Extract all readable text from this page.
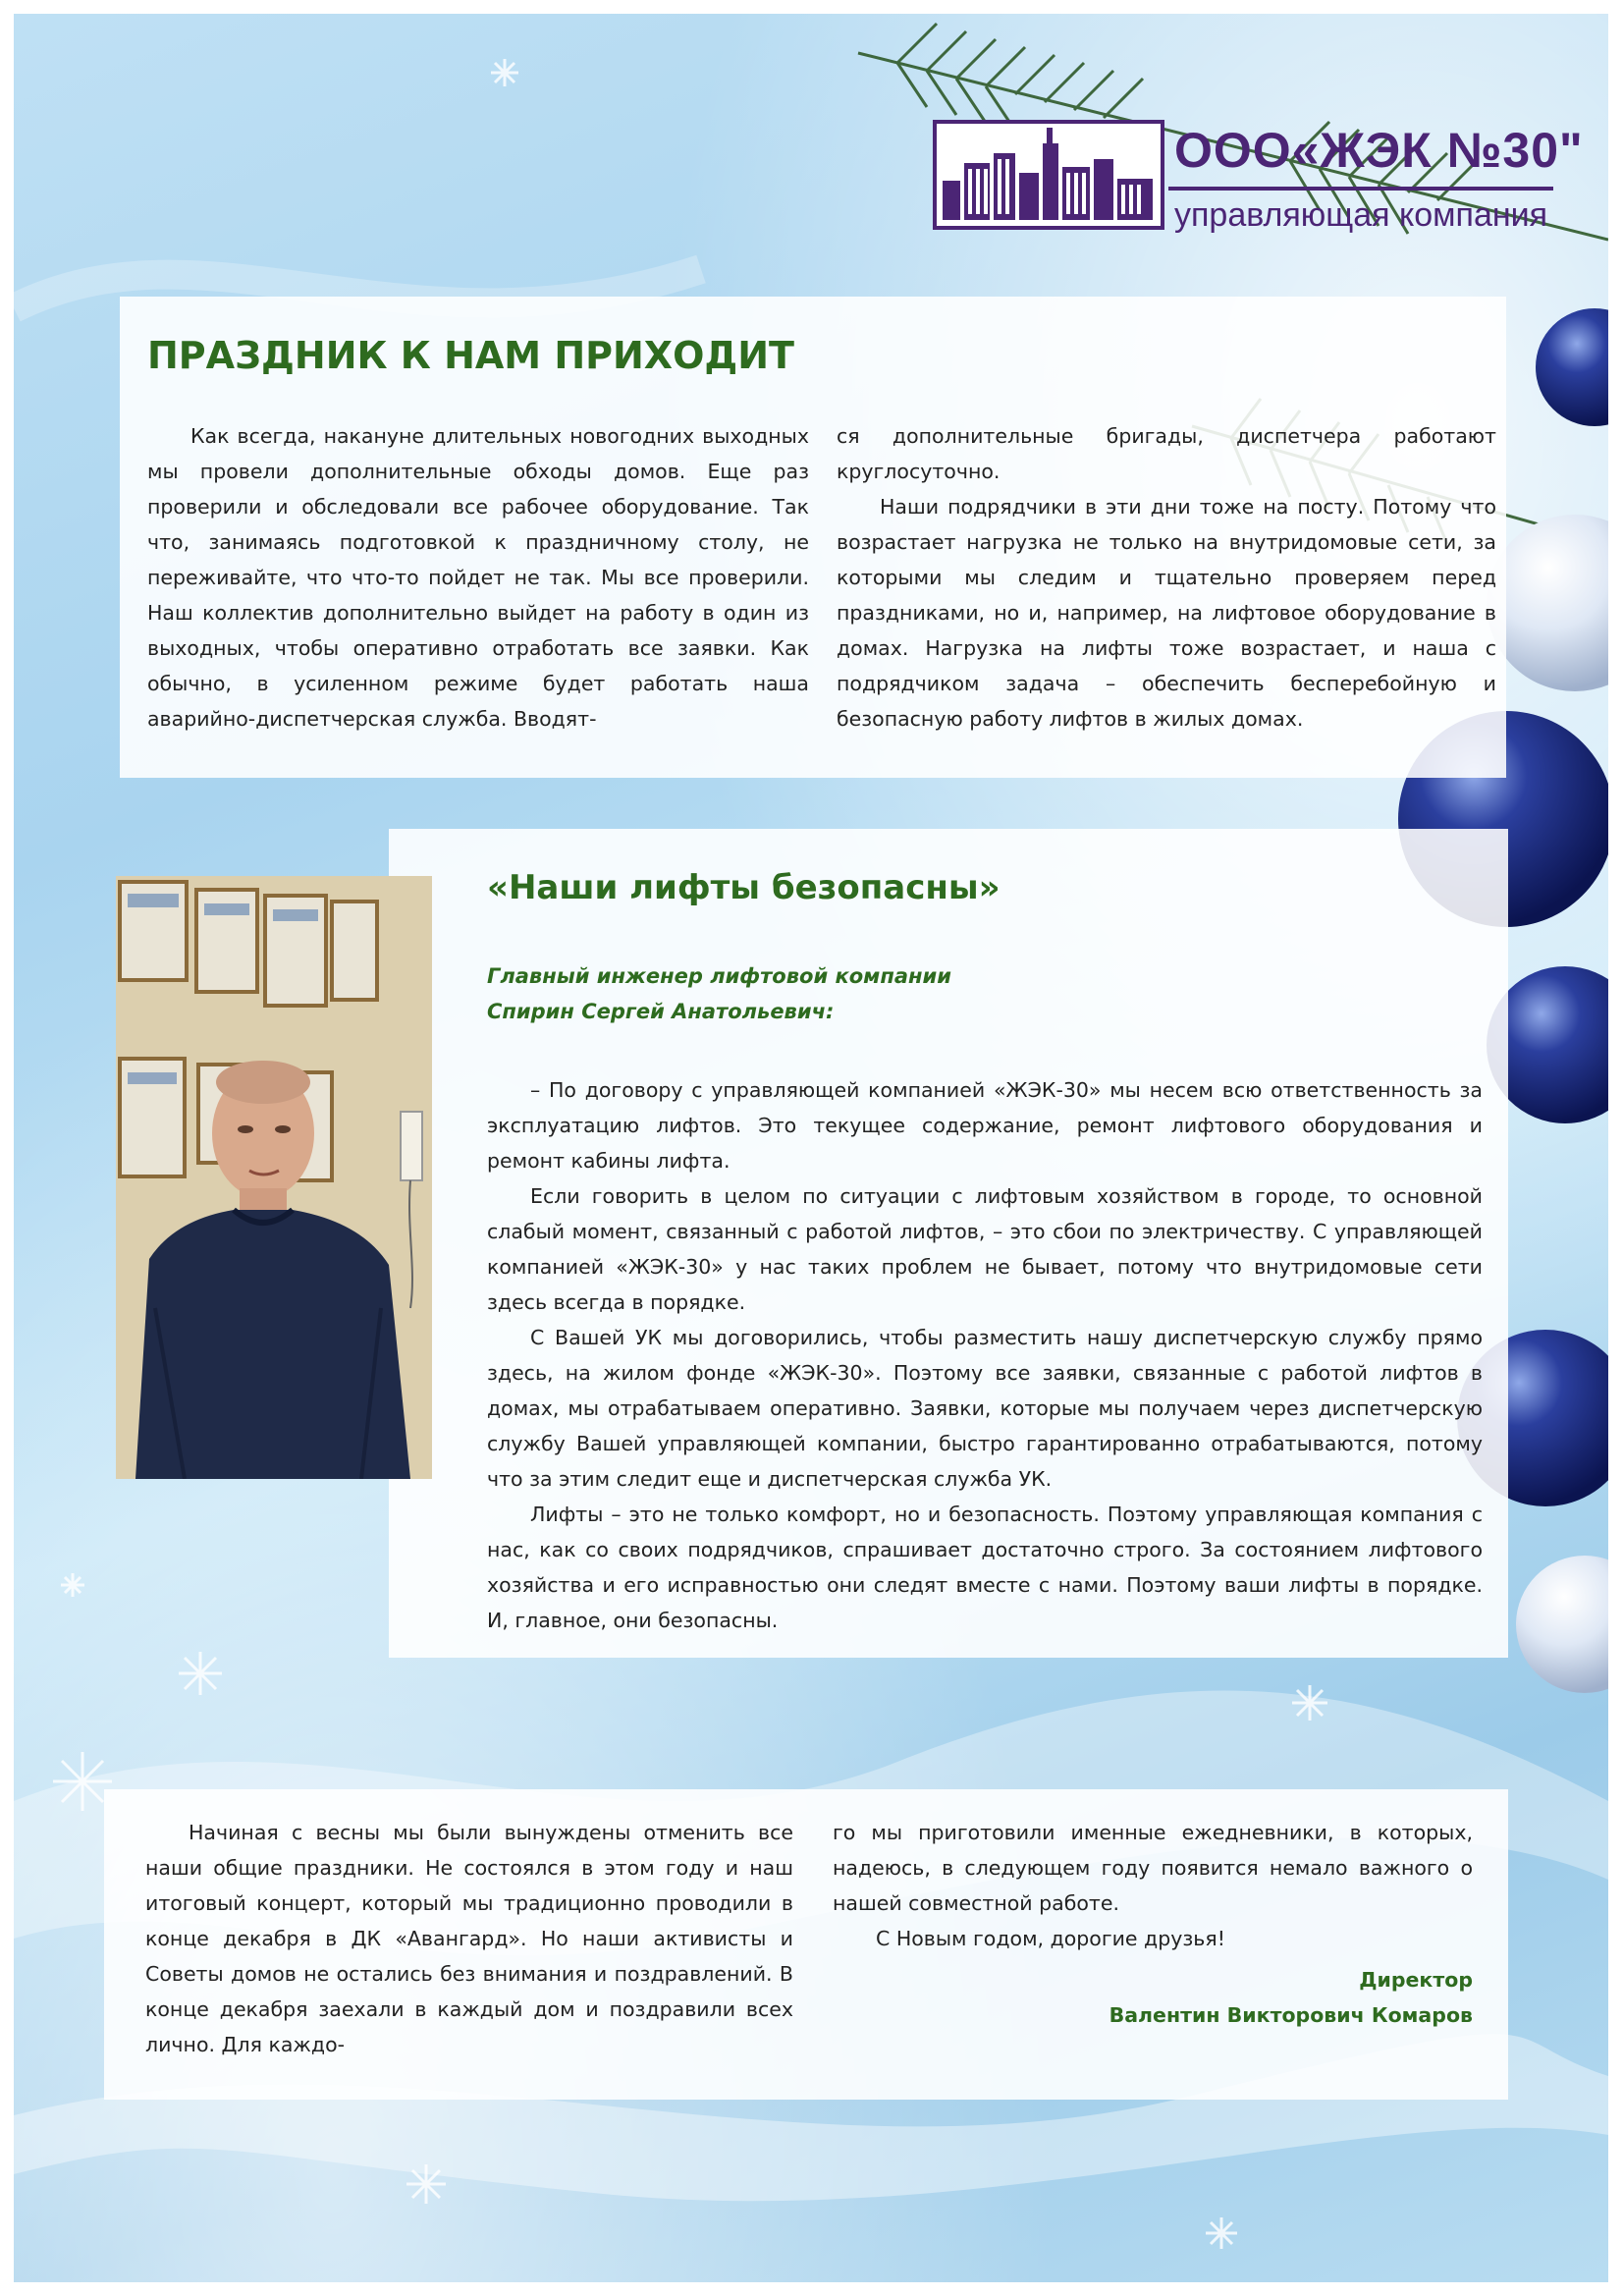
ООО«ЖЭК №30"
управляющая компания
ПРАЗДНИК К НАМ ПРИХОДИТ

Как всегда, накануне длительных новогодних выходных мы провели дополнительные обходы домов. Еще раз проверили и обследовали все рабочее оборудование. Так что, занимаясь подготовкой к праздничному столу, не переживайте, что что-то пойдет не так. Мы все проверили. Наш коллектив дополнительно выйдет на работу в один из выходных, чтобы оперативно отработать все заявки. Как обычно, в усиленном режиме будет работать наша аварийно-диспетчерская служба. Вводят-

ся дополнительные бригады, диспетчера работают круглосуточно.

Наши подрядчики в эти дни тоже на посту. Потому что возрастает нагрузка не только на внутридомовые сети, за которыми мы следим и тщательно проверяем перед праздниками, но и, например, на лифтовое оборудование в домах. Нагрузка на лифты тоже возрастает, и наша с подрядчиком задача – обеспечить бесперебойную и безопасную работу лифтов в жилых домах.

«Наши лифты безопасны»
Главный инженер лифтовой компании
Спирин Сергей Анатольевич:

– По договору с управляющей компанией «ЖЭК-30» мы несем всю ответственность за эксплуатацию лифтов. Это текущее содержание, ремонт лифтового оборудования и ремонт кабины лифта.

Если говорить в целом по ситуации с лифтовым хозяйством в городе, то основной слабый момент, связанный с работой лифтов, – это сбои по электричеству. С управляющей компанией «ЖЭК-30» у нас таких проблем не бывает, потому что внутридомовые сети здесь всегда в порядке.

С Вашей УК мы договорились, чтобы разместить нашу диспетчерскую службу прямо здесь, на жилом фонде «ЖЭК-30». Поэтому все заявки, связанные с работой лифтов в домах, мы отрабатываем оперативно. Заявки, которые мы получаем через диспетчерскую службу Вашей управляющей компании, быстро гарантированно отрабатываются, потому что за этим следит еще и диспетчерская служба УК.

Лифты – это не только комфорт, но и безопасность. Поэтому управляющая компания с нас, как со своих подрядчиков, спрашивает достаточно строго. За состоянием лифтового хозяйства и его исправностью они следят вместе с нами. Поэтому ваши лифты в порядке. И, главное, они безопасны.

Начиная с весны мы были вынуждены отменить все наши общие праздники. Не состоялся в этом году и наш итоговый концерт, который мы традиционно проводили в конце декабря в ДК «Авангард». Но наши активисты и Советы домов не остались без внимания и поздравлений. В конце декабря заехали в каждый дом и поздравили всех лично. Для каждо-

го мы приготовили именные ежедневники, в которых, надеюсь, в следующем году появится немало важного о нашей совместной работе.

С Новым годом, дорогие друзья!

Директор
Валентин Викторович Комаров
